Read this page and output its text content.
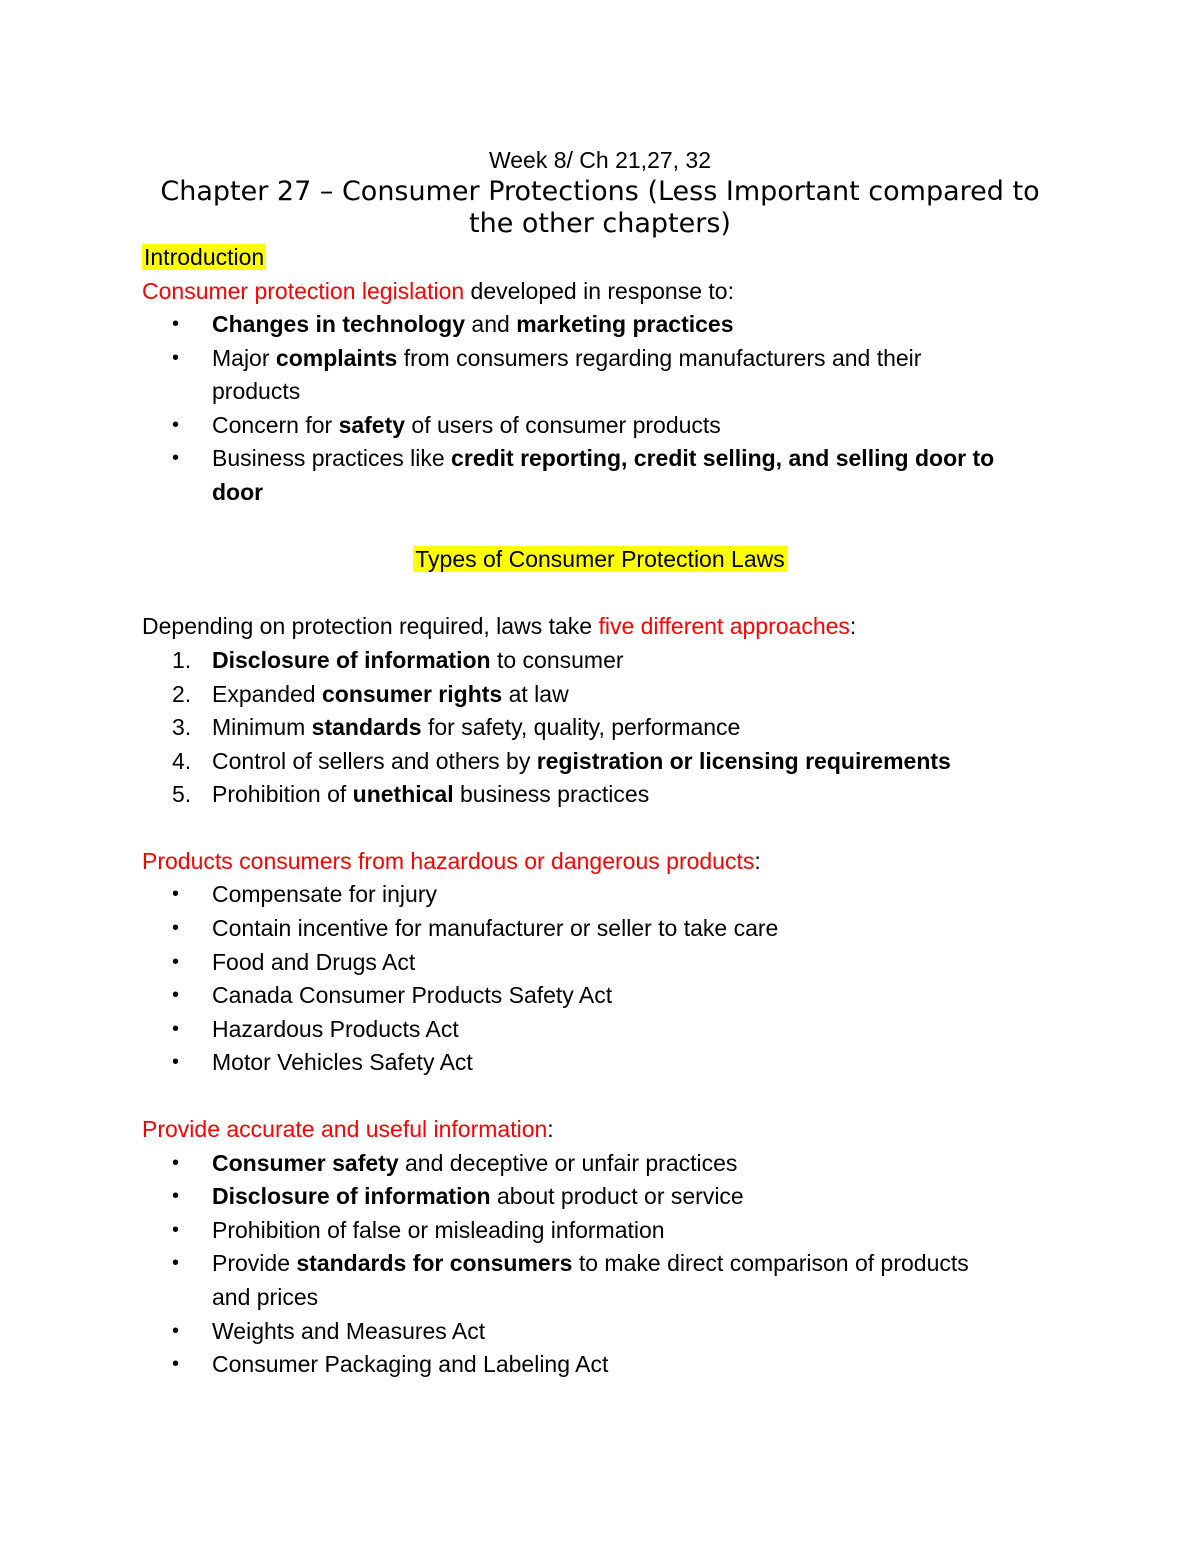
Week 8/ Ch 21,27, 32
Chapter 27 – Consumer Protections (Less Important compared to
the other chapters)
Introduction
Consumer protection legislation developed in response to:
• Changes in technology and marketing practices
• Major complaints from consumers regarding manufacturers and their
products
• Concern for safety of users of consumer products
• Business practices like credit reporting, credit selling, and selling door to
door
Types of Consumer Protection Laws
Depending on protection required, laws take five different approaches:
1. Disclosure of information to consumer
2. Expanded consumer rights at law
3. Minimum standards for safety, quality, performance
4. Control of sellers and others by registration or licensing requirements
5. Prohibition of unethical business practices
Products consumers from hazardous or dangerous products:
• Compensate for injury
• Contain incentive for manufacturer or seller to take care
• Food and Drugs Act
• Canada Consumer Products Safety Act
• Hazardous Products Act
• Motor Vehicles Safety Act
Provide accurate and useful information:
• Consumer safety and deceptive or unfair practices
• Disclosure of information about product or service
• Prohibition of false or misleading information
• Provide standards for consumers to make direct comparison of products
and prices
• Weights and Measures Act
• Consumer Packaging and Labeling Act
